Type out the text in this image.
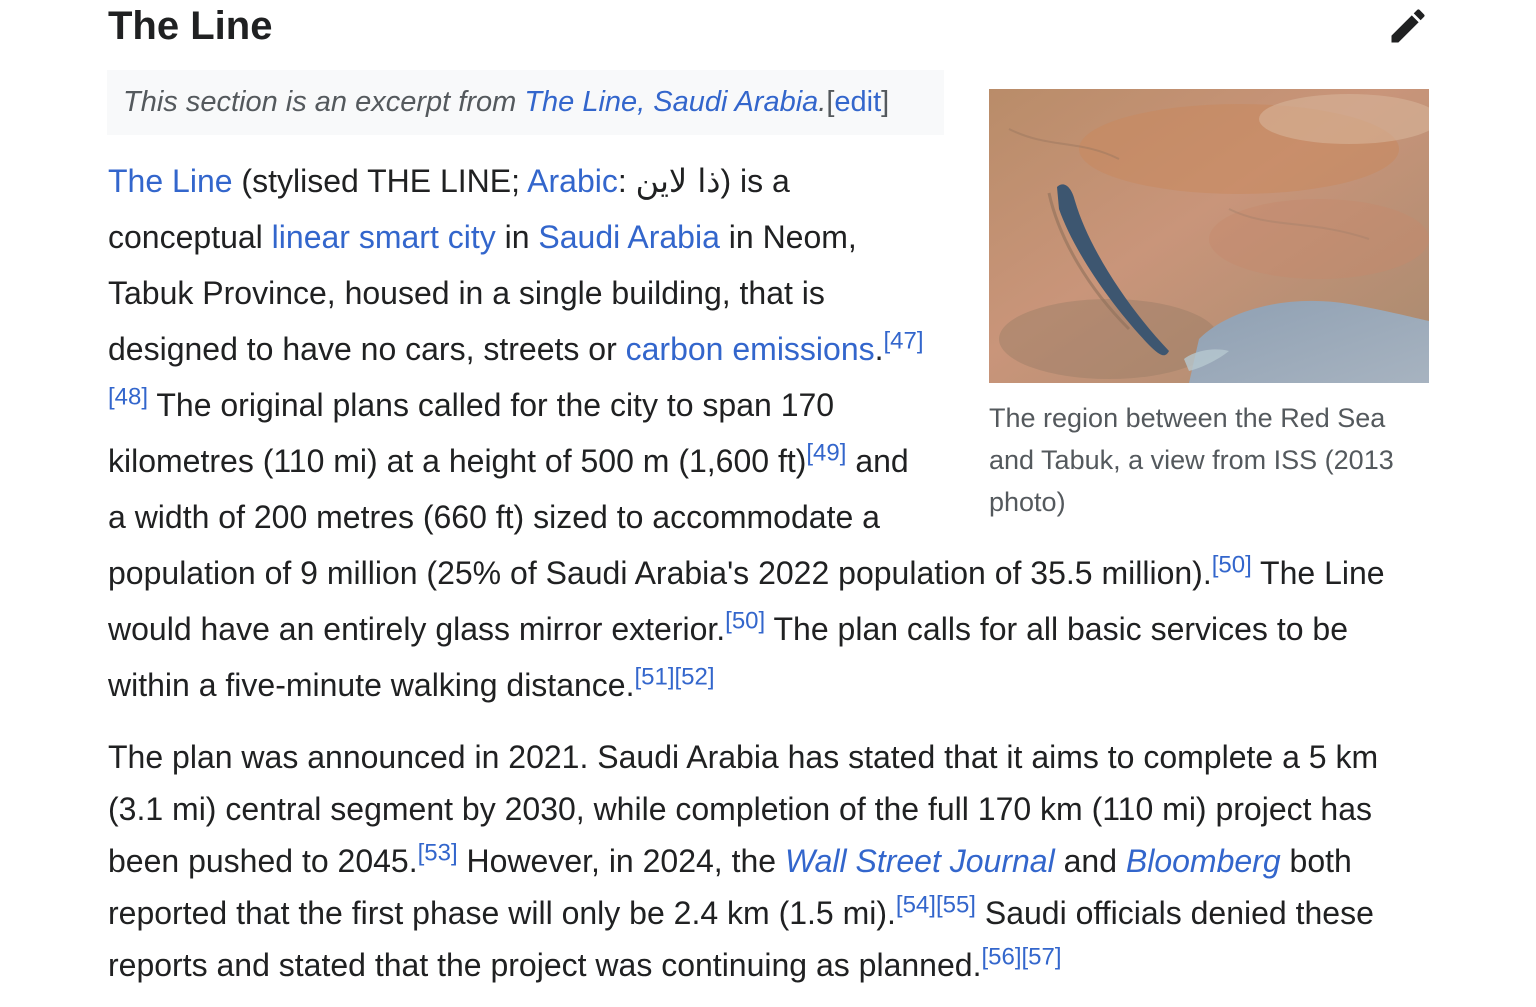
The Line
This section is an excerpt from The Line, Saudi Arabia.[edit]
The region between the Red Sea and Tabuk, a view from ISS (2013 photo)

The Line (stylised THE LINE; Arabic: ذا لاين) is a conceptual linear smart city in Saudi Arabia in Neom, Tabuk Province, housed in a single building, that is designed to have no cars, streets or carbon emissions.[47][48] The original plans called for the city to span 170 kilometres (110 mi) at a height of 500 m (1,600 ft)[49] and a width of 200 metres (660 ft) sized to accommodate a population of 9 million (25% of Saudi Arabia's 2022 population of 35.5 million).[50] The Line would have an entirely glass mirror exterior.[50] The plan calls for all basic services to be within a five-minute walking distance.[51][52]

The plan was announced in 2021. Saudi Arabia has stated that it aims to complete a 5 km (3.1 mi) central segment by 2030, while completion of the full 170 km (110 mi) project has been pushed to 2045.[53] However, in 2024, the Wall Street Journal and Bloomberg both reported that the first phase will only be 2.4 km (1.5 mi).[54][55] Saudi officials denied these reports and stated that the project was continuing as planned.[56][57]
